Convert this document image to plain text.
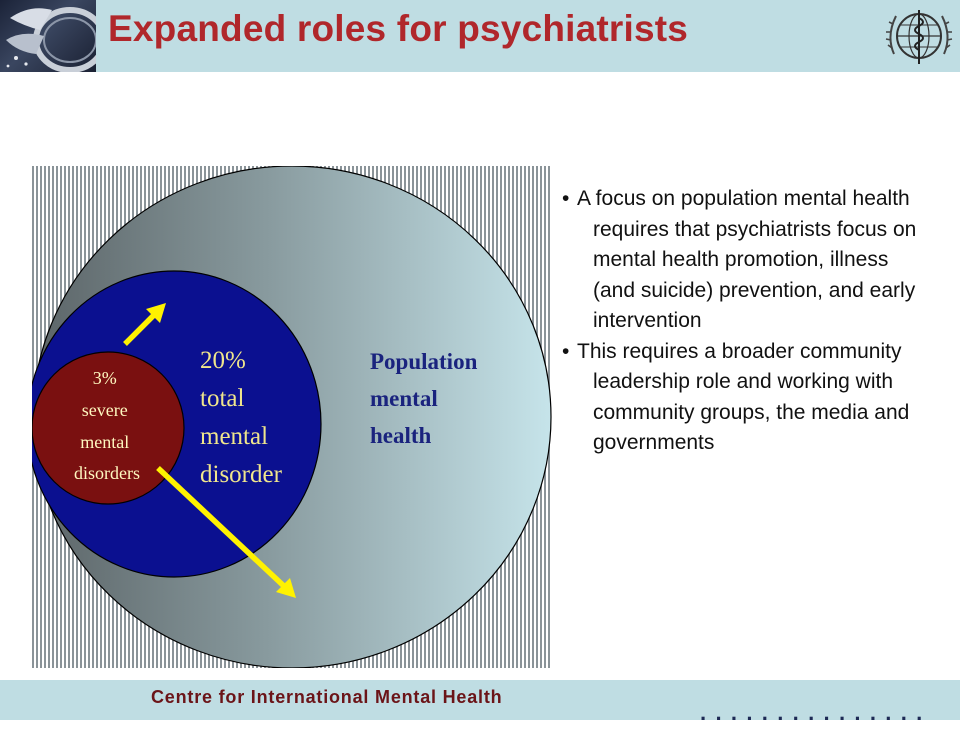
Expanded roles for psychiatrists
Population mental health
20% total mental disorder
3% severe mental disorders
• A focus on population mental health requires that psychiatrists focus on mental health promotion, illness (and suicide) prevention, and early intervention
• This requires a broader community leadership role and working with community groups, the media and governments
Centre for International Mental Health
· · · · · · · · · · · · · · ·
